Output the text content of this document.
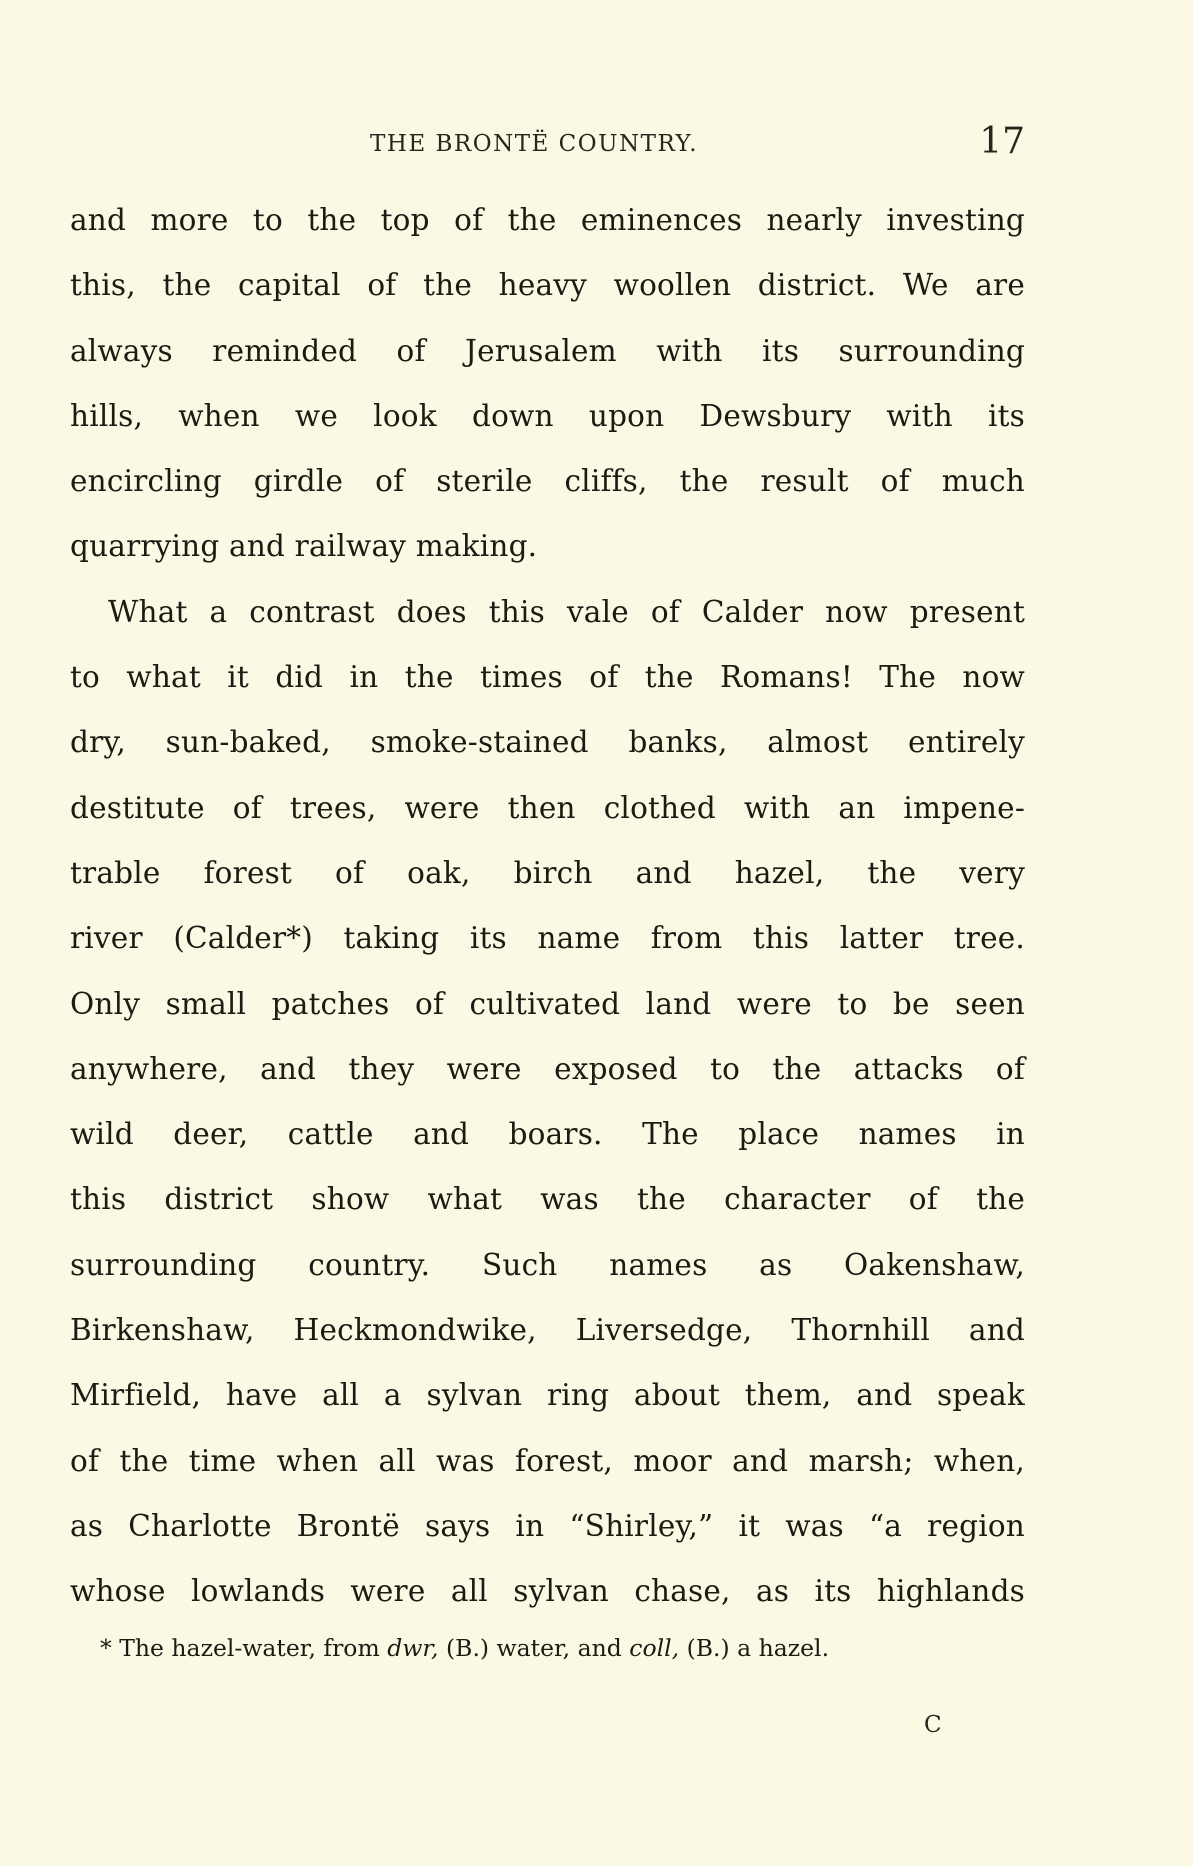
THE BRONTË COUNTRY.	17
and more to the top of the eminences nearly investing
this, the capital of the heavy woollen district. We are
always reminded of Jerusalem with its surrounding
hills, when we look down upon Dewsbury with its
encircling girdle of sterile cliffs, the result of much
quarrying and railway making.
What a contrast does this vale of Calder now present
to what it did in the times of the Romans! The now
dry, sun-baked, smoke-stained banks, almost entirely
destitute of trees, were then clothed with an impene-
trable forest of oak, birch and hazel, the very
river (Calder*) taking its name from this latter tree.
Only small patches of cultivated land were to be seen
anywhere, and they were exposed to the attacks of
wild deer, cattle and boars. The place names in
this district show what was the character of the
surrounding country. Such names as Oakenshaw,
Birkenshaw, Heckmondwike, Liversedge, Thornhill and
Mirfield, have all a sylvan ring about them, and speak
of the time when all was forest, moor and marsh; when,
as Charlotte Brontë says in “Shirley,” it was “a region
whose lowlands were all sylvan chase, as its highlands
* The hazel-water, from dwr, (B.) water, and coll, (B.) a hazel.
C
